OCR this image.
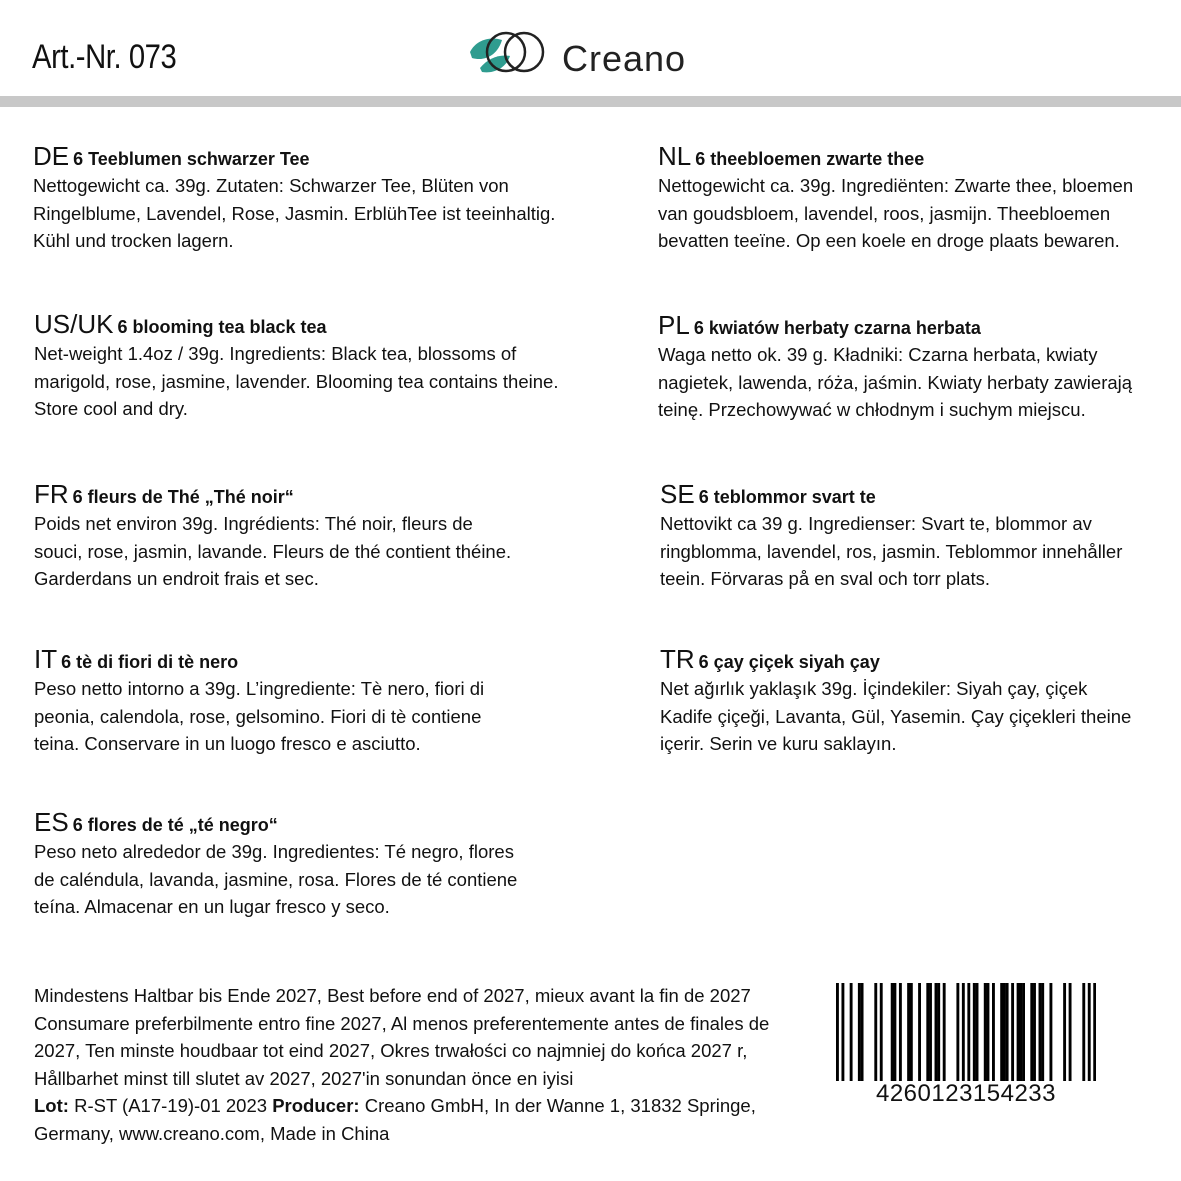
Art.-Nr. 073	Creano
DE 6 Teeblumen schwarzer Tee
Nettogewicht ca. 39g. Zutaten: Schwarzer Tee, Blüten von
Ringelblume, Lavendel, Rose, Jasmin. ErblühTee ist teeinhaltig.
Kühl und trocken lagern.
US/UK 6 blooming tea black tea
Net-weight 1.4oz / 39g. Ingredients: Black tea, blossoms of
marigold, rose, jasmine, lavender. Blooming tea contains theine.
Store cool and dry.
FR 6 fleurs de Thé „Thé noir“
Poids net environ 39g. Ingrédients: Thé noir, fleurs de
souci, rose, jasmin, lavande. Fleurs de thé contient théine.
Garderdans un endroit frais et sec.
IT 6 tè di fiori di tè nero
Peso netto intorno a 39g. L’ingrediente: Tè nero, fiori di
peonia, calendola, rose, gelsomino. Fiori di tè contiene
teina. Conservare in un luogo fresco e asciutto.
ES 6 flores de té „té negro“
Peso neto alrededor de 39g. Ingredientes: Té negro, flores
de caléndula, lavanda, jasmine, rosa. Flores de té contiene
teína. Almacenar en un lugar fresco y seco.
NL 6 theebloemen zwarte thee
Nettogewicht ca. 39g. Ingrediënten: Zwarte thee, bloemen
van goudsbloem, lavendel, roos, jasmijn. Theebloemen
bevatten teeïne. Op een koele en droge plaats bewaren.
PL 6 kwiatów herbaty czarna herbata
Waga netto ok. 39 g. Kładniki: Czarna herbata, kwiaty
nagietek, lawenda, róża, jaśmin. Kwiaty herbaty zawierają
teinę. Przechowywać w chłodnym i suchym miejscu.
SE 6 teblommor svart te
Nettovikt ca 39 g. Ingredienser: Svart te, blommor av
ringblomma, lavendel, ros, jasmin. Teblommor innehåller
teein. Förvaras på en sval och torr plats.
TR 6 çay çiçek siyah çay
Net ağırlık yaklaşık 39g. İçindekiler: Siyah çay, çiçek
Kadife çiçeği, Lavanta, Gül, Yasemin. Çay çiçekleri theine
içerir. Serin ve kuru saklayın.
Mindestens Haltbar bis Ende 2027, Best before end of 2027, mieux avant la fin de 2027
Consumare preferbilmente entro fine 2027, Al menos preferentemente antes de finales de
2027, Ten minste houdbaar tot eind 2027, Okres trwałości co najmniej do końca 2027 r,
Hållbarhet minst till slutet av 2027, 2027'in sonundan önce en iyisi
Lot: R-ST (A17-19)-01 2023 Producer: Creano GmbH, In der Wanne 1, 31832 Springe,
Germany, www.creano.com, Made in China
4260123154233
